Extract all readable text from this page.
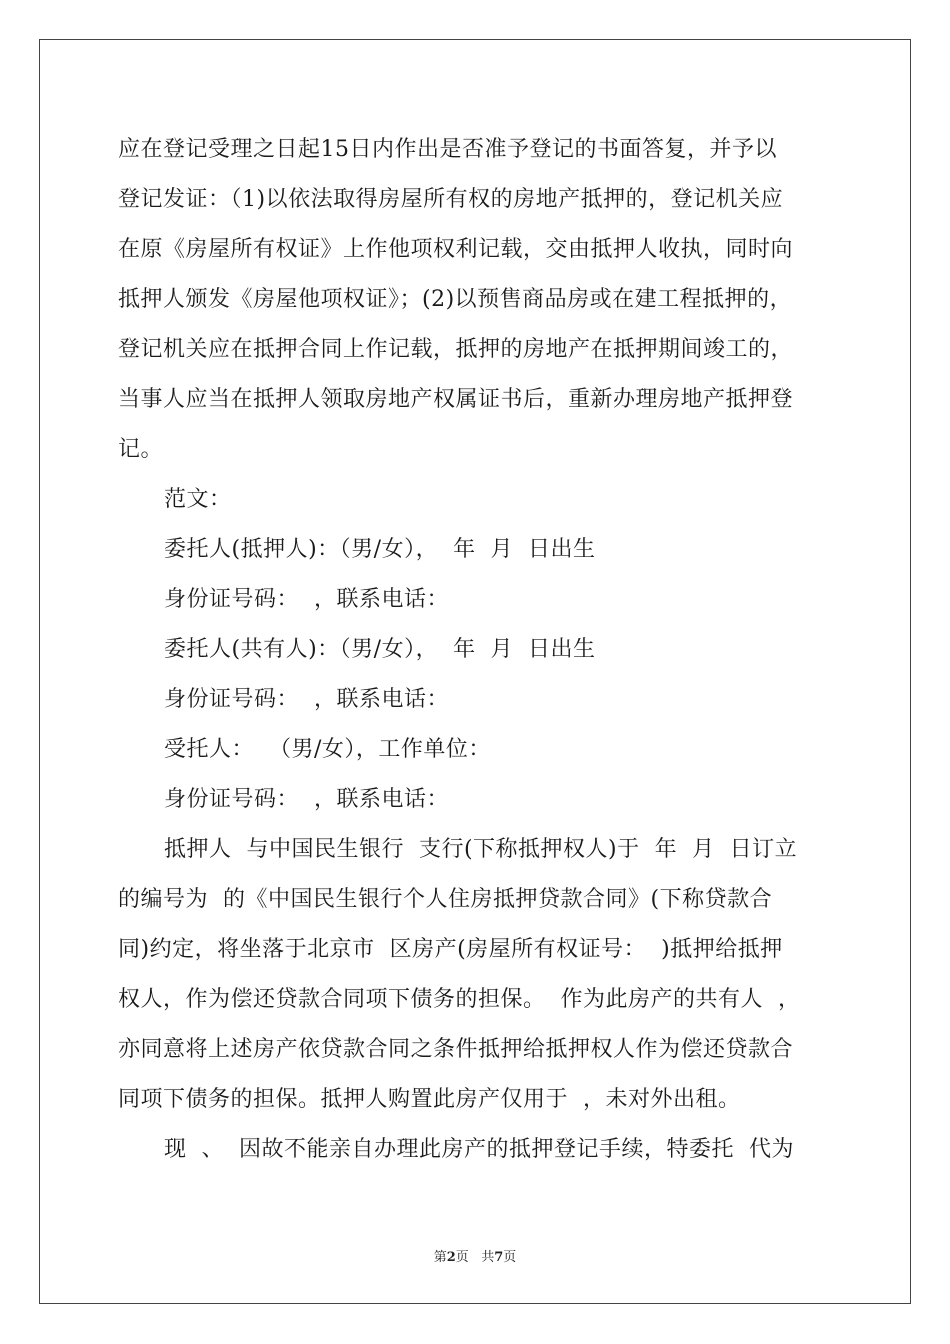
应在登记受理之日起15日内作出是否准予登记的书面答复，并予以
登记发证：（1)以依法取得房屋所有权的房地产抵押的，登记机关应
在原《房屋所有权证》上作他项权利记载，交由抵押人收执，同时向
抵押人颁发《房屋他项权证》；(2)以预售商品房或在建工程抵押的，
登记机关应在抵押合同上作记载，抵押的房地产在抵押期间竣工的，
当事人应当在抵押人领取房地产权属证书后，重新办理房地产抵押登
记。
范文：
委托人(抵押人)：（男/女），  年  月  日出生
身份证号码：  ，联系电话：
委托人(共有人)：（男/女），  年  月  日出生
身份证号码：  ，联系电话：
受托人：  （男/女），工作单位：
身份证号码：  ，联系电话：
抵押人  与中国民生银行  支行(下称抵押权人)于  年  月  日订立
的编号为  的《中国民生银行个人住房抵押贷款合同》(下称贷款合
同)约定，将坐落于北京市  区房产(房屋所有权证号：  )抵押给抵押
权人，作为偿还贷款合同项下债务的担保。  作为此房产的共有人  ，
亦同意将上述房产依贷款合同之条件抵押给抵押权人作为偿还贷款合
同项下债务的担保。抵押人购置此房产仅用于  ，未对外出租。
现  、  因故不能亲自办理此房产的抵押登记手续，特委托  代为
第2页 共7页
